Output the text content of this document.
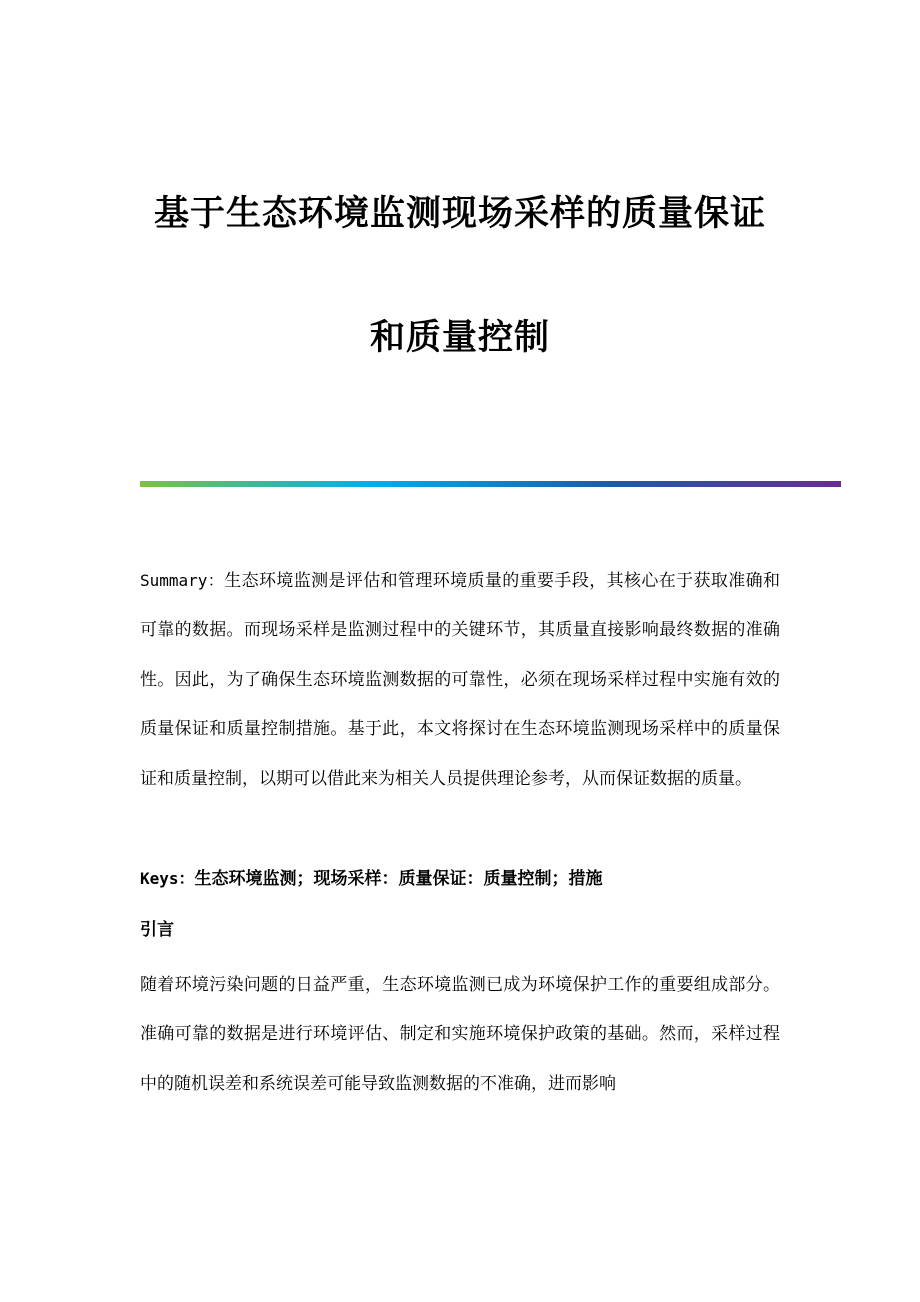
基于生态环境监测现场采样的质量保证
和质量控制

Summary：生态环境监测是评估和管理环境质量的重要手段，其核心在于获取准确和可靠的数据。而现场采样是监测过程中的关键环节，其质量直接影响最终数据的准确性。因此，为了确保生态环境监测数据的可靠性，必须在现场采样过程中实施有效的质量保证和质量控制措施。基于此，本文将探讨在生态环境监测现场采样中的质量保证和质量控制，以期可以借此来为相关人员提供理论参考，从而保证数据的质量。

Keys：生态环境监测；现场采样：质量保证：质量控制；措施

引言

随着环境污染问题的日益严重，生态环境监测已成为环境保护工作的重要组成部分。准确可靠的数据是进行环境评估、制定和实施环境保护政策的基础。然而，采样过程中的随机误差和系统误差可能导致监测数据的不准确，进而影响
